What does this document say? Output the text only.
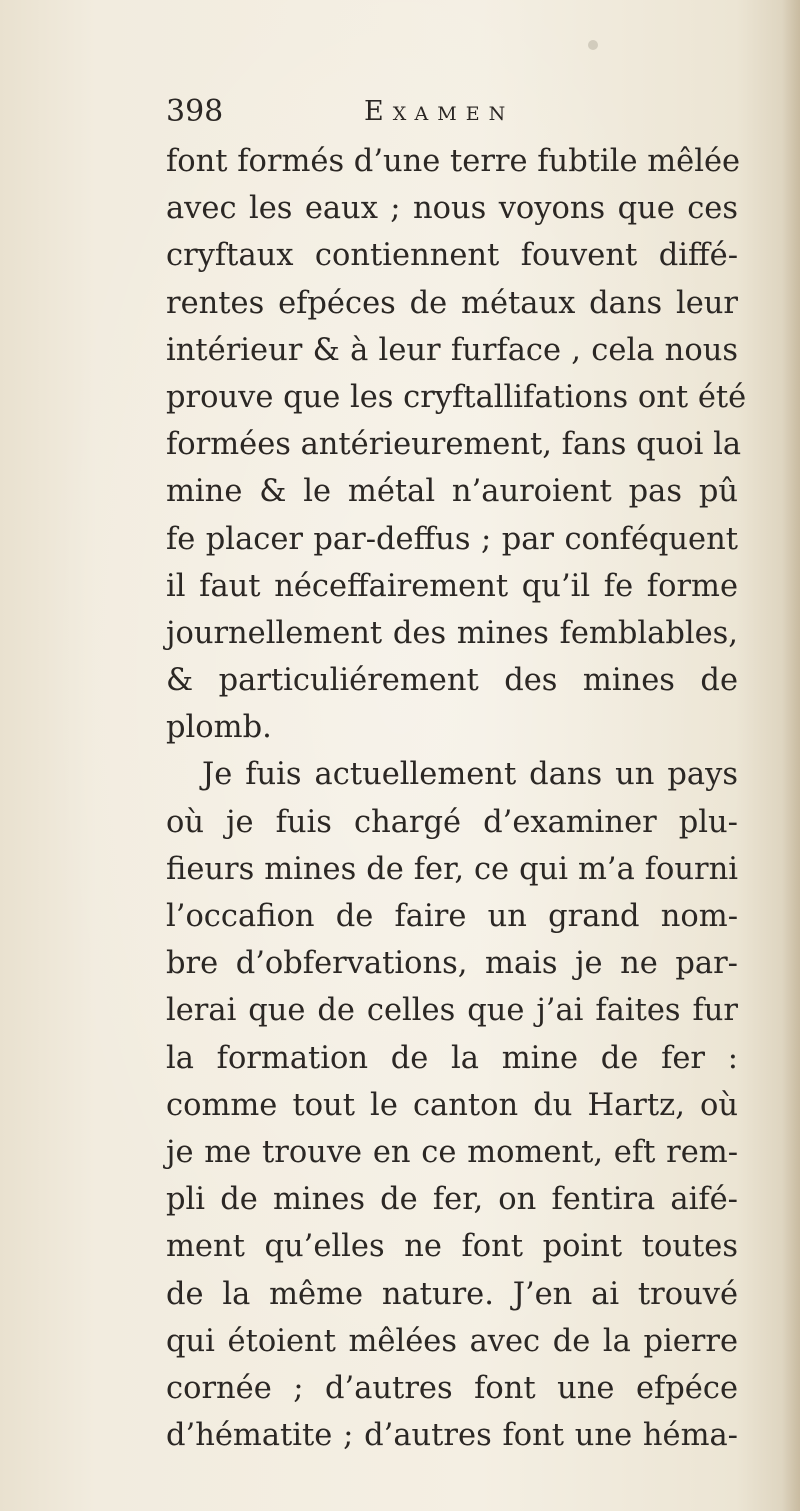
398	Examen
font formés d’une terre fubtile mêlée
avec les eaux ; nous voyons que ces
cryftaux contiennent fouvent diffé-
rentes efpéces de métaux dans leur
intérieur & à leur furface , cela nous
prouve que les cryftallifations ont été
formées antérieurement, fans quoi la
mine & le métal n’auroient pas pû
fe placer par-deffus ; par conféquent
il faut néceffairement qu’il fe forme
journellement des mines femblables,
& particuliérement des mines de
plomb.
Je fuis actuellement dans un pays
où je fuis chargé d’examiner plu-
fieurs mines de fer, ce qui m’a fourni
l’occafion de faire un grand nom-
bre d’obfervations, mais je ne par-
lerai que de celles que j’ai faites fur
la formation de la mine de fer :
comme tout le canton du Hartz, où
je me trouve en ce moment, eft rem-
pli de mines de fer, on fentira aifé-
ment qu’elles ne font point toutes
de la même nature. J’en ai trouvé
qui étoient mêlées avec de la pierre
cornée ; d’autres font une efpéce
d’hématite ; d’autres font une héma-
